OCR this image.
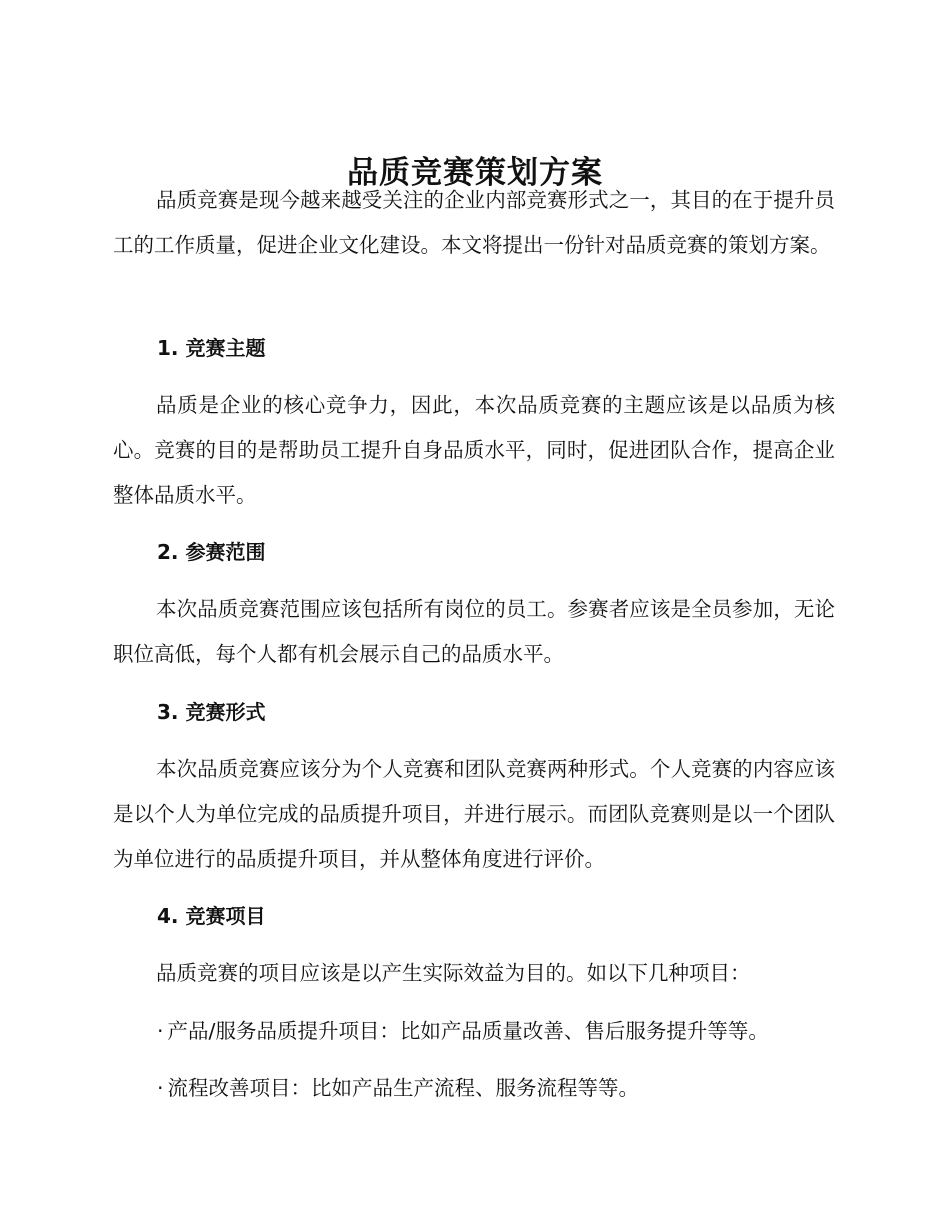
品质竞赛策划方案

品质竞赛是现今越来越受关注的企业内部竞赛形式之一，其目的在于提升员工的工作质量，促进企业文化建设。本文将提出一份针对品质竞赛的策划方案。

1. 竞赛主题

品质是企业的核心竞争力，因此，本次品质竞赛的主题应该是以品质为核心。竞赛的目的是帮助员工提升自身品质水平，同时，促进团队合作，提高企业整体品质水平。

2. 参赛范围

本次品质竞赛范围应该包括所有岗位的员工。参赛者应该是全员参加，无论职位高低，每个人都有机会展示自己的品质水平。

3. 竞赛形式

本次品质竞赛应该分为个人竞赛和团队竞赛两种形式。个人竞赛的内容应该是以个人为单位完成的品质提升项目，并进行展示。而团队竞赛则是以一个团队为单位进行的品质提升项目，并从整体角度进行评价。

4. 竞赛项目

品质竞赛的项目应该是以产生实际效益为目的。如以下几种项目：

· 产品/服务品质提升项目：比如产品质量改善、售后服务提升等等。
· 流程改善项目：比如产品生产流程、服务流程等等。
